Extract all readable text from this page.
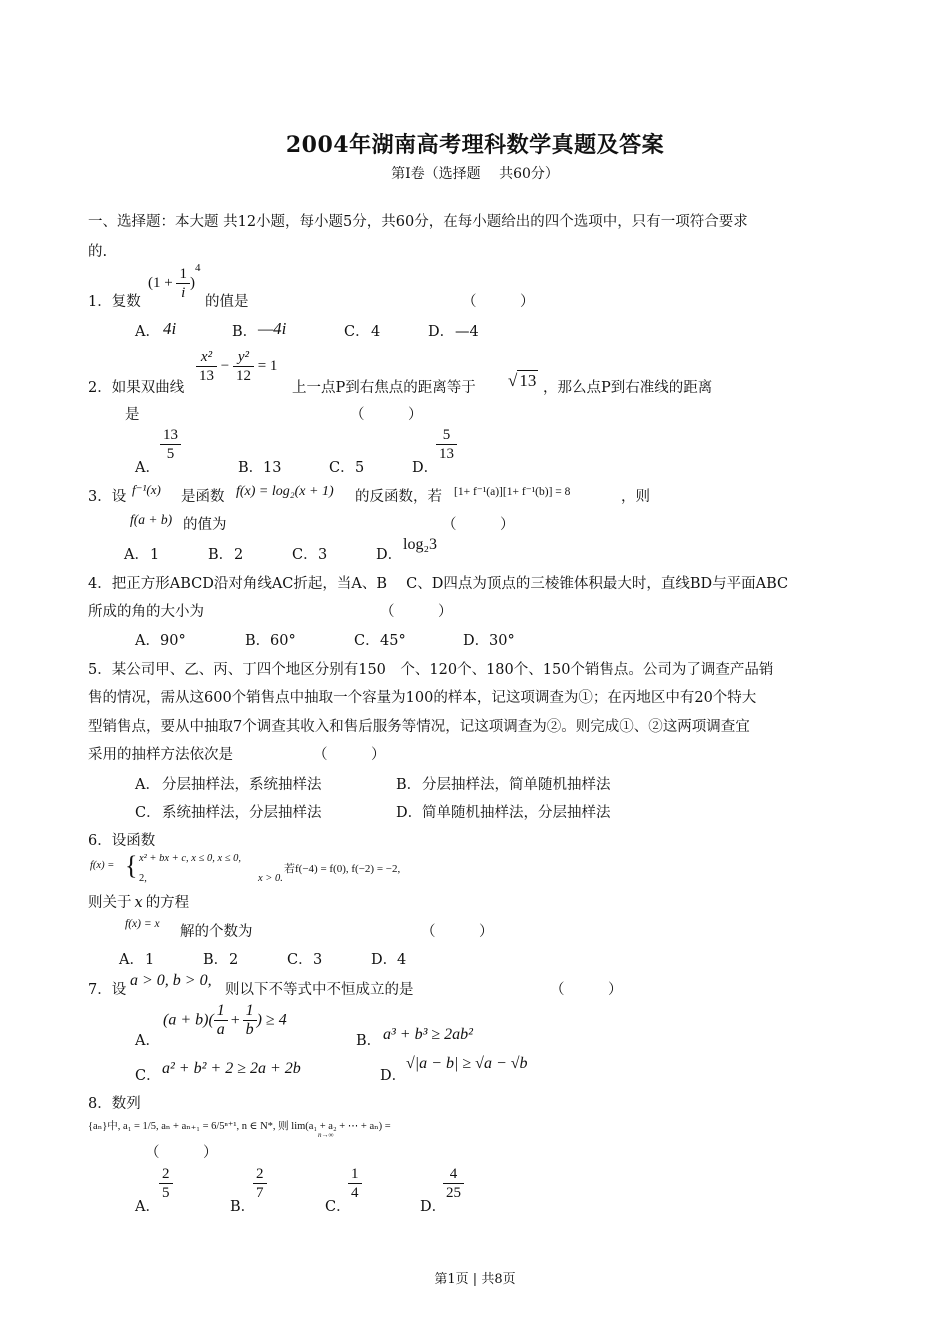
2004年湖南高考理科数学真题及答案
第Ⅰ卷（选择题　 共60分）
一、选择题：本大题 共12小题，每小题5分，共60分，在每小题给出的四个选项中，只有一项符合要求
的.
1．复数
$(1 + \frac{1}{i} )^4$
的值是	（　　　）
A． 4i	B． —4i	C． 4	D． —4
2．如果双曲线
$\frac{\text{x²}}{13} - \frac{\text{y²}}{12} = 1$
上一点P到右焦点的距离等于 √ 13 ，那么点P到右准线的距离
是	（　　　）
A．
$\frac{13}{5}$
B． 13	C． 5	D．
$\frac{5}{13}$
3．设 f⁻¹(x) 是函数 f(x) = log₂(x + 1) 的反函数，若 [1+ f⁻¹(a)][1+ f⁻¹(b)] = 8	，则
f(a + b) 的值为	（　　　）
A． 1	B． 2	C． 3	D．
log₂3
4．把正方形ABCD沿对角线AC折起，当A、B　 C、D四点为顶点的三棱锥体积最大时，直线BD与平面ABC
所成的角的大小为	（　　　）
A． 90°	B． 60°	C． 45°	D． 30°
5．某公司甲、乙、丙、丁四个地区分别有150　个、120个、180个、150个销售点。公司为了调查产品销
售的情况，需从这600个销售点中抽取一个容量为100的样本，记这项调查为①；在丙地区中有20个特大
型销售点，要从中抽取7个调查其收入和售后服务等情况，记这项调查为②。则完成①、②这两项调查宜
采用的抽样方法依次是	（　　　）
A． 分层抽样法，系统抽样法	B． 分层抽样法，简单随机抽样法
C． 系统抽样法，分层抽样法	D． 简单随机抽样法，分层抽样法
6．设函数
f(x) = { x² + bx + c, x ≤ 0, x ≤ 0,
2,	x > 0.
若f(−4) = f(0), f(−2) = −2,
则关于 x 的方程
f(x) = x 解的个数为	（　　　）
A． 1	B． 2	C． 3	D． 4
7．设
a > 0, b > 0,
则以下不等式中不恒成立的是	（　　　）
A．
$(a + b)( \frac{1}{a} + \frac{1}{b}$ ) ≥ 4
B． a³ + b³ ≥ 2ab²
C． a² + b² + 2 ≥ 2a + 2b	D．
√|a − b| ≥ √a − √b
8．数列
{aₙ}中, a₁ = 1/5, aₙ + aₙ₊₁ = 6/5ⁿ⁺¹, n ∈ N*, 则 lim(a₁ + a₂ + ⋯ + aₙ) =
n→∞
（　　　）
A．
$\frac{2}{5}$
B．
$\frac{2}{7}$
C．
$\frac{1}{4}$
D．
$\frac{4}{25}$
第1页 | 共8页
